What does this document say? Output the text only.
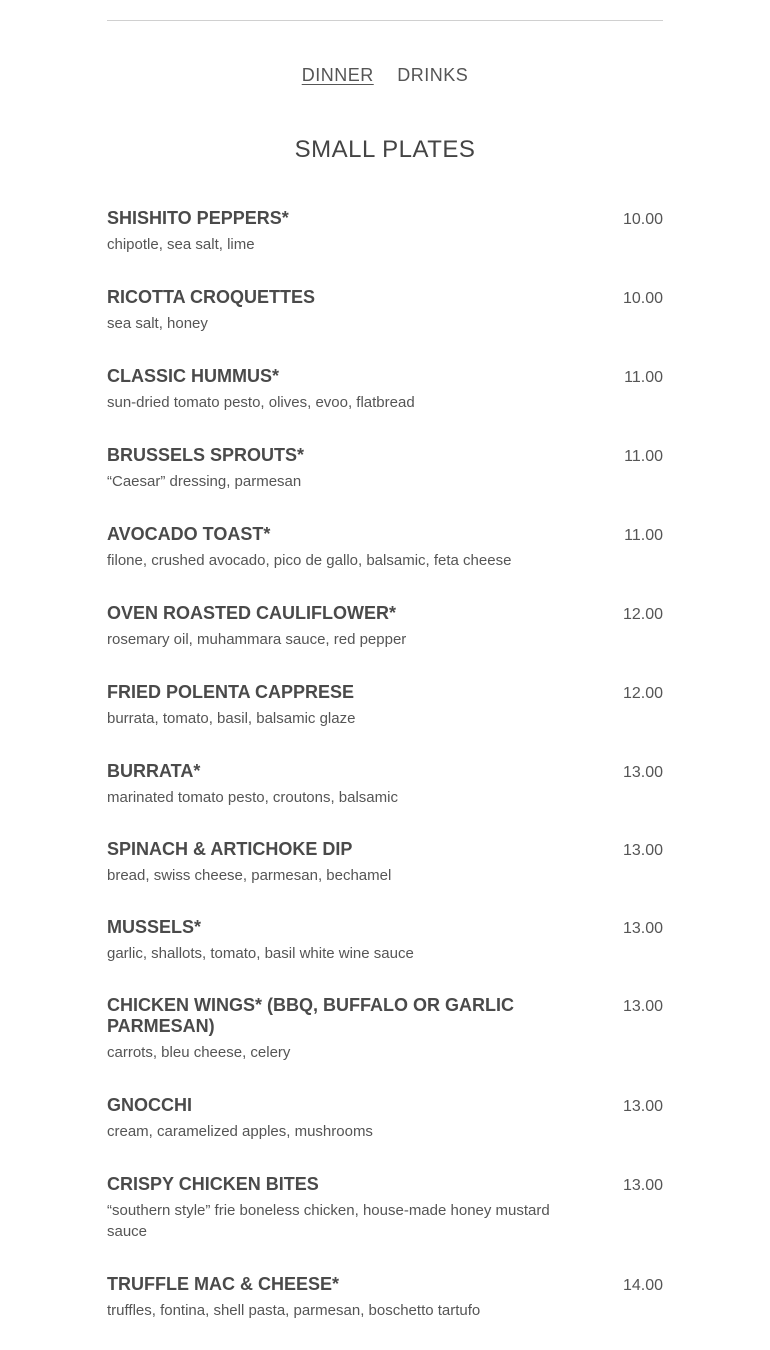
DINNER DRINKS
SMALL PLATES
SHISHITO PEPPERS*	10.00
chipotle, sea salt, lime
RICOTTA CROQUETTES	10.00
sea salt, honey
CLASSIC HUMMUS*	11.00
sun-dried tomato pesto, olives, evoo, flatbread
BRUSSELS SPROUTS*	11.00
“Caesar” dressing, parmesan
AVOCADO TOAST*	11.00
filone, crushed avocado, pico de gallo, balsamic, feta cheese
OVEN ROASTED CAULIFLOWER*	12.00
rosemary oil, muhammara sauce, red pepper
FRIED POLENTA CAPPRESE	12.00
burrata, tomato, basil, balsamic glaze
BURRATA*	13.00
marinated tomato pesto, croutons, balsamic
SPINACH & ARTICHOKE DIP	13.00
bread, swiss cheese, parmesan, bechamel
MUSSELS*	13.00
garlic, shallots, tomato, basil white wine sauce
CHICKEN WINGS* (BBQ, BUFFALO OR GARLIC PARMESAN)
13.00
carrots, bleu cheese, celery
GNOCCHI	13.00
cream, caramelized apples, mushrooms
CRISPY CHICKEN BITES	13.00
“southern style” frie boneless chicken, house-made honey mustard sauce
TRUFFLE MAC & CHEESE*	14.00
truffles, fontina, shell pasta, parmesan, boschetto tartufo
